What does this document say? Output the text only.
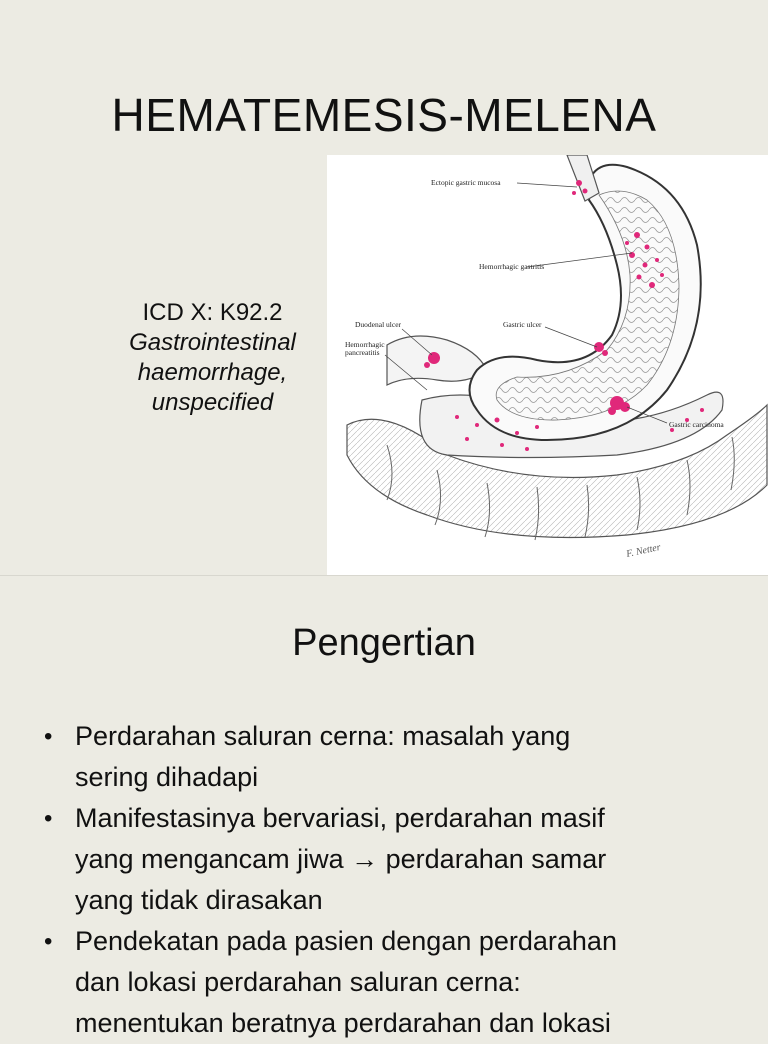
HEMATEMESIS-MELENA
ICD X: K92.2
Gastrointestinal haemorrhage, unspecified
Ectopic gastric mucosa
Hemorrhagic gastritis
Duodenal ulcer	Gastric ulcer
Hemorrhagic
pancreatitis
Gastric carcinoma
F. Netter
Pengertian
• Perdarahan saluran cerna: masalah yang
sering dihadapi
• Manifestasinya bervariasi, perdarahan masif
yang mengancam jiwa → perdarahan samar
yang tidak dirasakan
• Pendekatan pada pasien dengan perdarahan
dan lokasi perdarahan saluran cerna:
menentukan beratnya perdarahan dan lokasi
